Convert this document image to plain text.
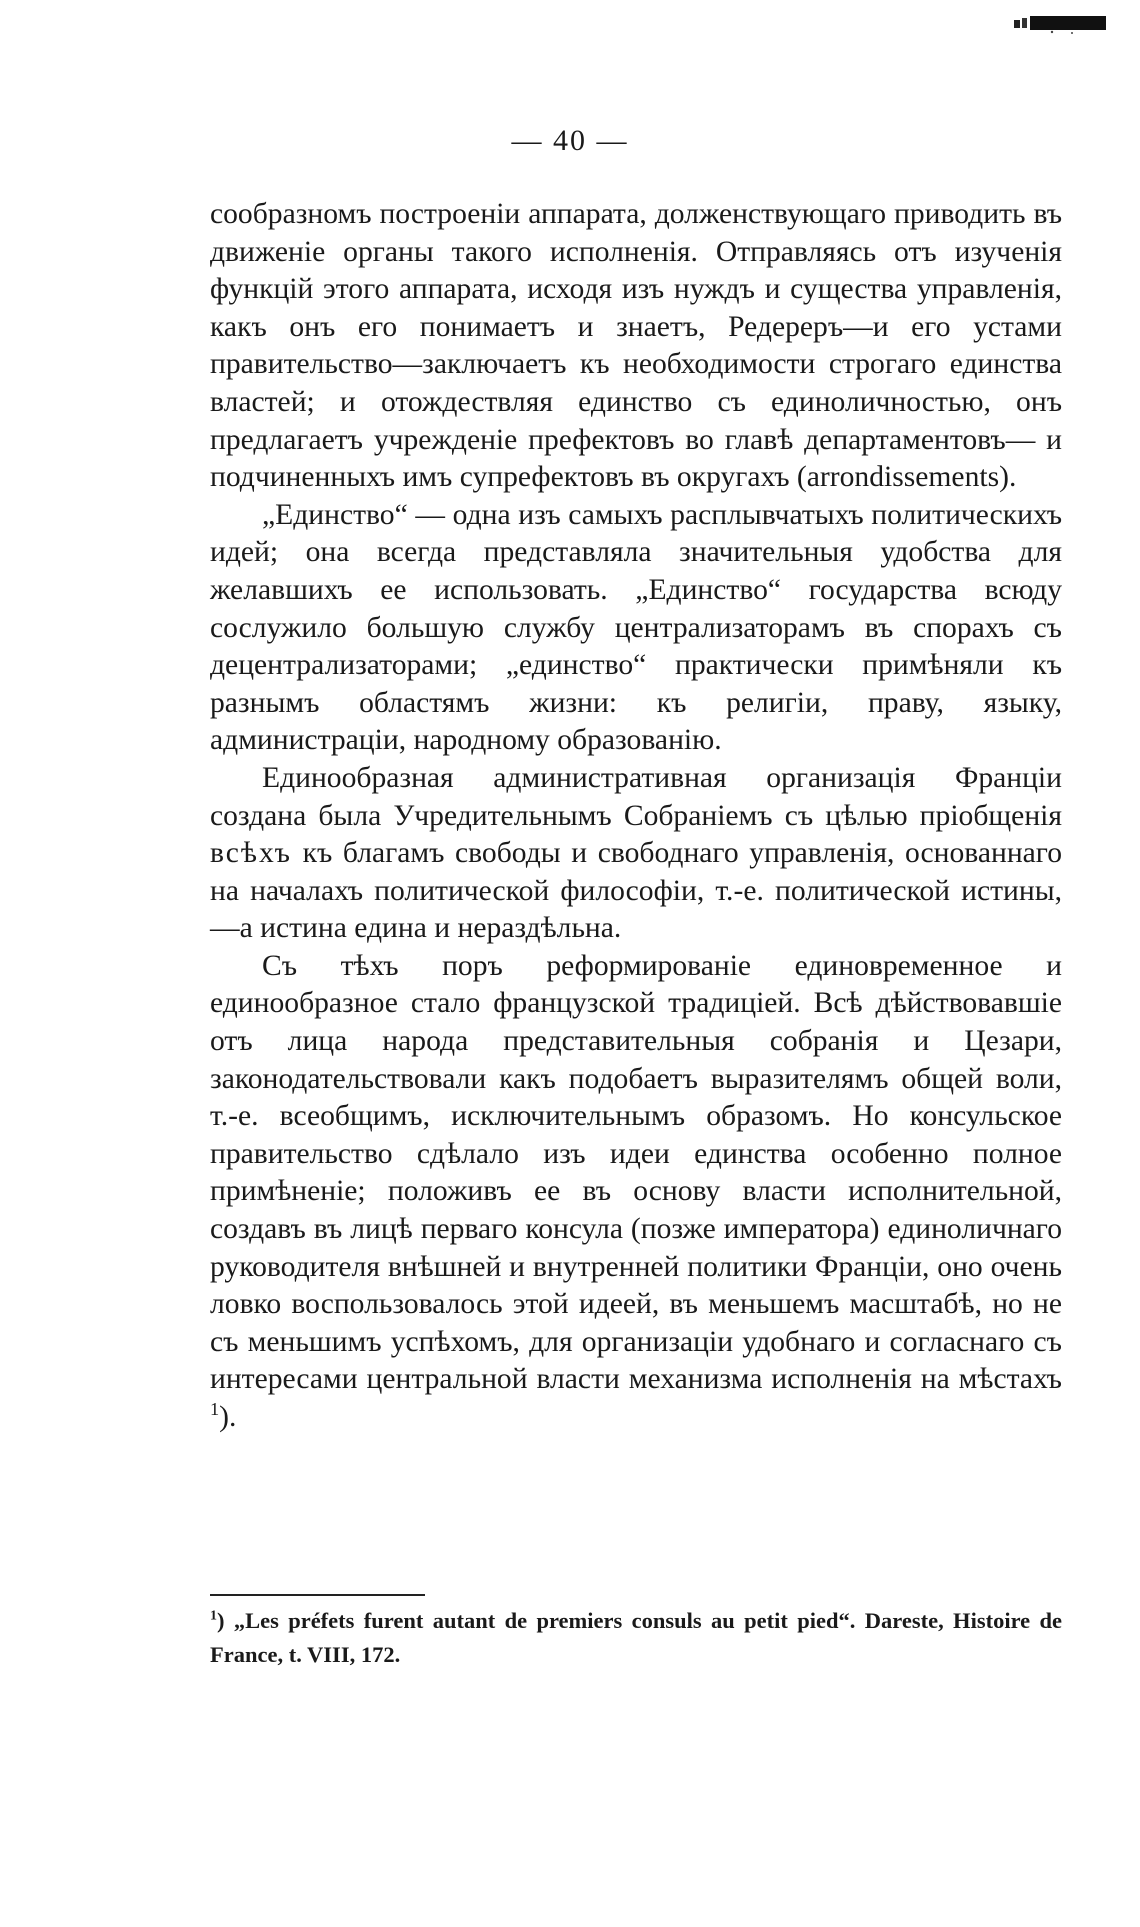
— 40 —

сообразномъ построеніи аппарата, долженствующаго приводить въ движеніе органы такого исполненія. Отправляясь отъ изученія функцій этого аппарата, исходя изъ нуждъ и существа управленія, какъ онъ его понимаетъ и знаетъ, Редереръ—и его устами правительство—заключаетъ къ необходимости строгаго единства властей; и отождествляя единство съ единоличностью, онъ предлагаетъ учрежденіе префектовъ во главѣ департаментовъ— и подчиненныхъ имъ супрефектовъ въ округахъ (arrondissements).

„Единство“ — одна изъ самыхъ расплывчатыхъ политическихъ идей; она всегда представляла значительныя удобства для желавшихъ ее использовать. „Единство“ государства всюду сослужило большую службу централизаторамъ въ спорахъ съ децентрализаторами; „единство“ практически примѣняли къ разнымъ областямъ жизни: къ религіи, праву, языку, администраціи, народному образованію.

Единообразная административная организація Франціи создана была Учредительнымъ Собраніемъ съ цѣлью пріобщенія всѣхъ къ благамъ свободы и свободнаго управленія, основаннаго на началахъ политической философіи, т.-е. политической истины,—а истина едина и нераздѣльна.

Съ тѣхъ поръ реформированіе единовременное и единообразное стало французской традиціей. Всѣ дѣйствовавшіе отъ лица народа представительныя собранія и Цезари, законодательствовали какъ подобаетъ выразителямъ общей воли, т.-е. всеобщимъ, исключительнымъ образомъ. Но консульское правительство сдѣлало изъ идеи единства особенно полное примѣненіе; положивъ ее въ основу власти исполнительной, создавъ въ лицѣ перваго консула (позже императора) единоличнаго руководителя внѣшней и внутренней политики Франціи, оно очень ловко воспользовалось этой идеей, въ меньшемъ масштабѣ, но не съ меньшимъ успѣхомъ, для организаціи удобнаго и согласнаго съ интересами центральной власти механизма исполненія на мѣстахъ $^1$).

$^1$) „Les préfets furent autant de premiers consuls au petit pied“. Dareste, Histoire de France, t. VIII, 172.
